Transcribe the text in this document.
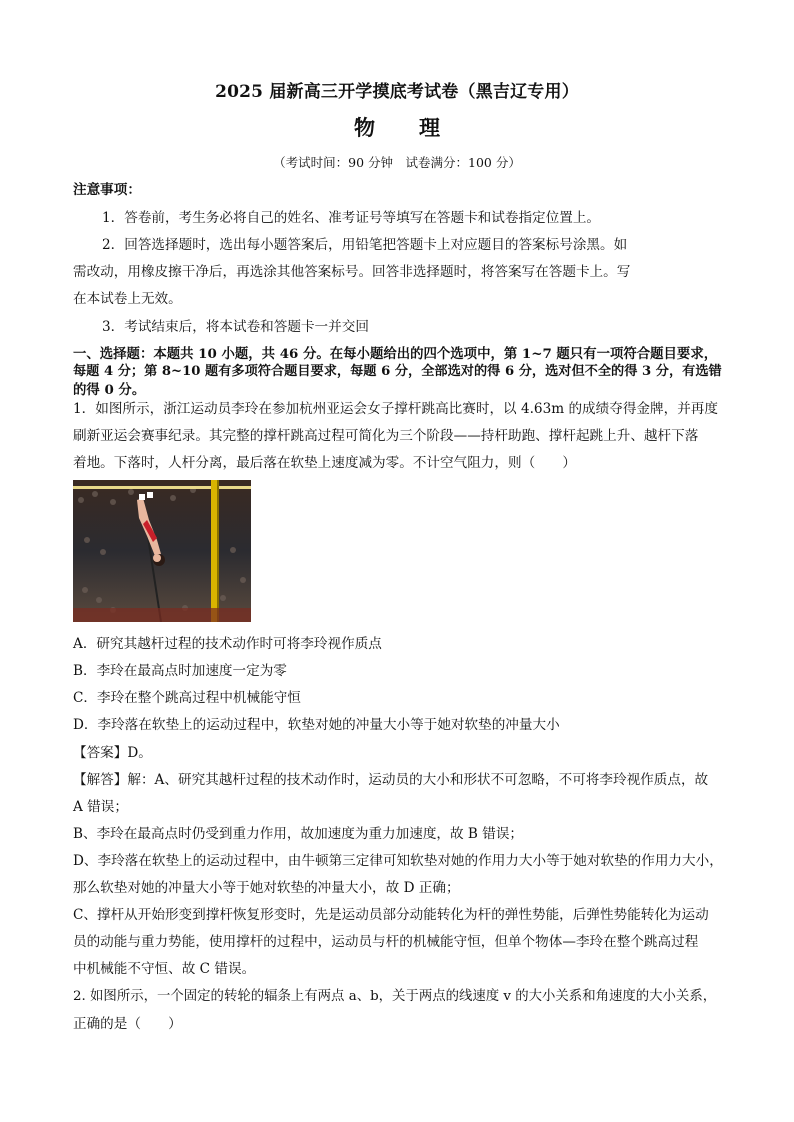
2025 届新高三开学摸底考试卷（黑吉辽专用）
物 理
（考试时间：90 分钟　试卷满分：100 分）
注意事项：
1．答卷前，考生务必将自己的姓名、准考证号等填写在答题卡和试卷指定位置上。
2．回答选择题时，选出每小题答案后，用铅笔把答题卡上对应题目的答案标号涂黑。如
需改动，用橡皮擦干净后，再选涂其他答案标号。回答非选择题时，将答案写在答题卡上。写
在本试卷上无效。
3．考试结束后，将本试卷和答题卡一并交回
一、选择题：本题共 10 小题，共 46 分。在每小题给出的四个选项中，第 1~7 题只有一项符合题目要求，
每题 4 分；第 8~10 题有多项符合题目要求，每题 6 分，全部选对的得 6 分，选对但不全的得 3 分，有选错
的得 0 分。
1．如图所示，浙江运动员李玲在参加杭州亚运会女子撑杆跳高比赛时，以 4.63m 的成绩夺得金牌，并再度
刷新亚运会赛事纪录。其完整的撑杆跳高过程可简化为三个阶段——持杆助跑、撑杆起跳上升、越杆下落
着地。下落时，人杆分离，最后落在软垫上速度减为零。不计空气阻力，则（　　）
A．研究其越杆过程的技术动作时可将李玲视作质点
B．李玲在最高点时加速度一定为零
C．李玲在整个跳高过程中机械能守恒
D．李玲落在软垫上的运动过程中，软垫对她的冲量大小等于她对软垫的冲量大小
【答案】D。
【解答】解：A、研究其越杆过程的技术动作时，运动员的大小和形状不可忽略，不可将李玲视作质点，故
A 错误；
B、李玲在最高点时仍受到重力作用，故加速度为重力加速度，故 B 错误；
D、李玲落在软垫上的运动过程中，由牛顿第三定律可知软垫对她的作用力大小等于她对软垫的作用力大小，
那么软垫对她的冲量大小等于她对软垫的冲量大小，故 D 正确；
C、撑杆从开始形变到撑杆恢复形变时，先是运动员部分动能转化为杆的弹性势能，后弹性势能转化为运动
员的动能与重力势能，使用撑杆的过程中，运动员与杆的机械能守恒，但单个物体—李玲在整个跳高过程
中机械能不守恒、故 C 错误。
2. 如图所示，一个固定的转轮的辐条上有两点 a、b，关于两点的线速度 v 的大小关系和角速度的大小关系，
正确的是（　　）
